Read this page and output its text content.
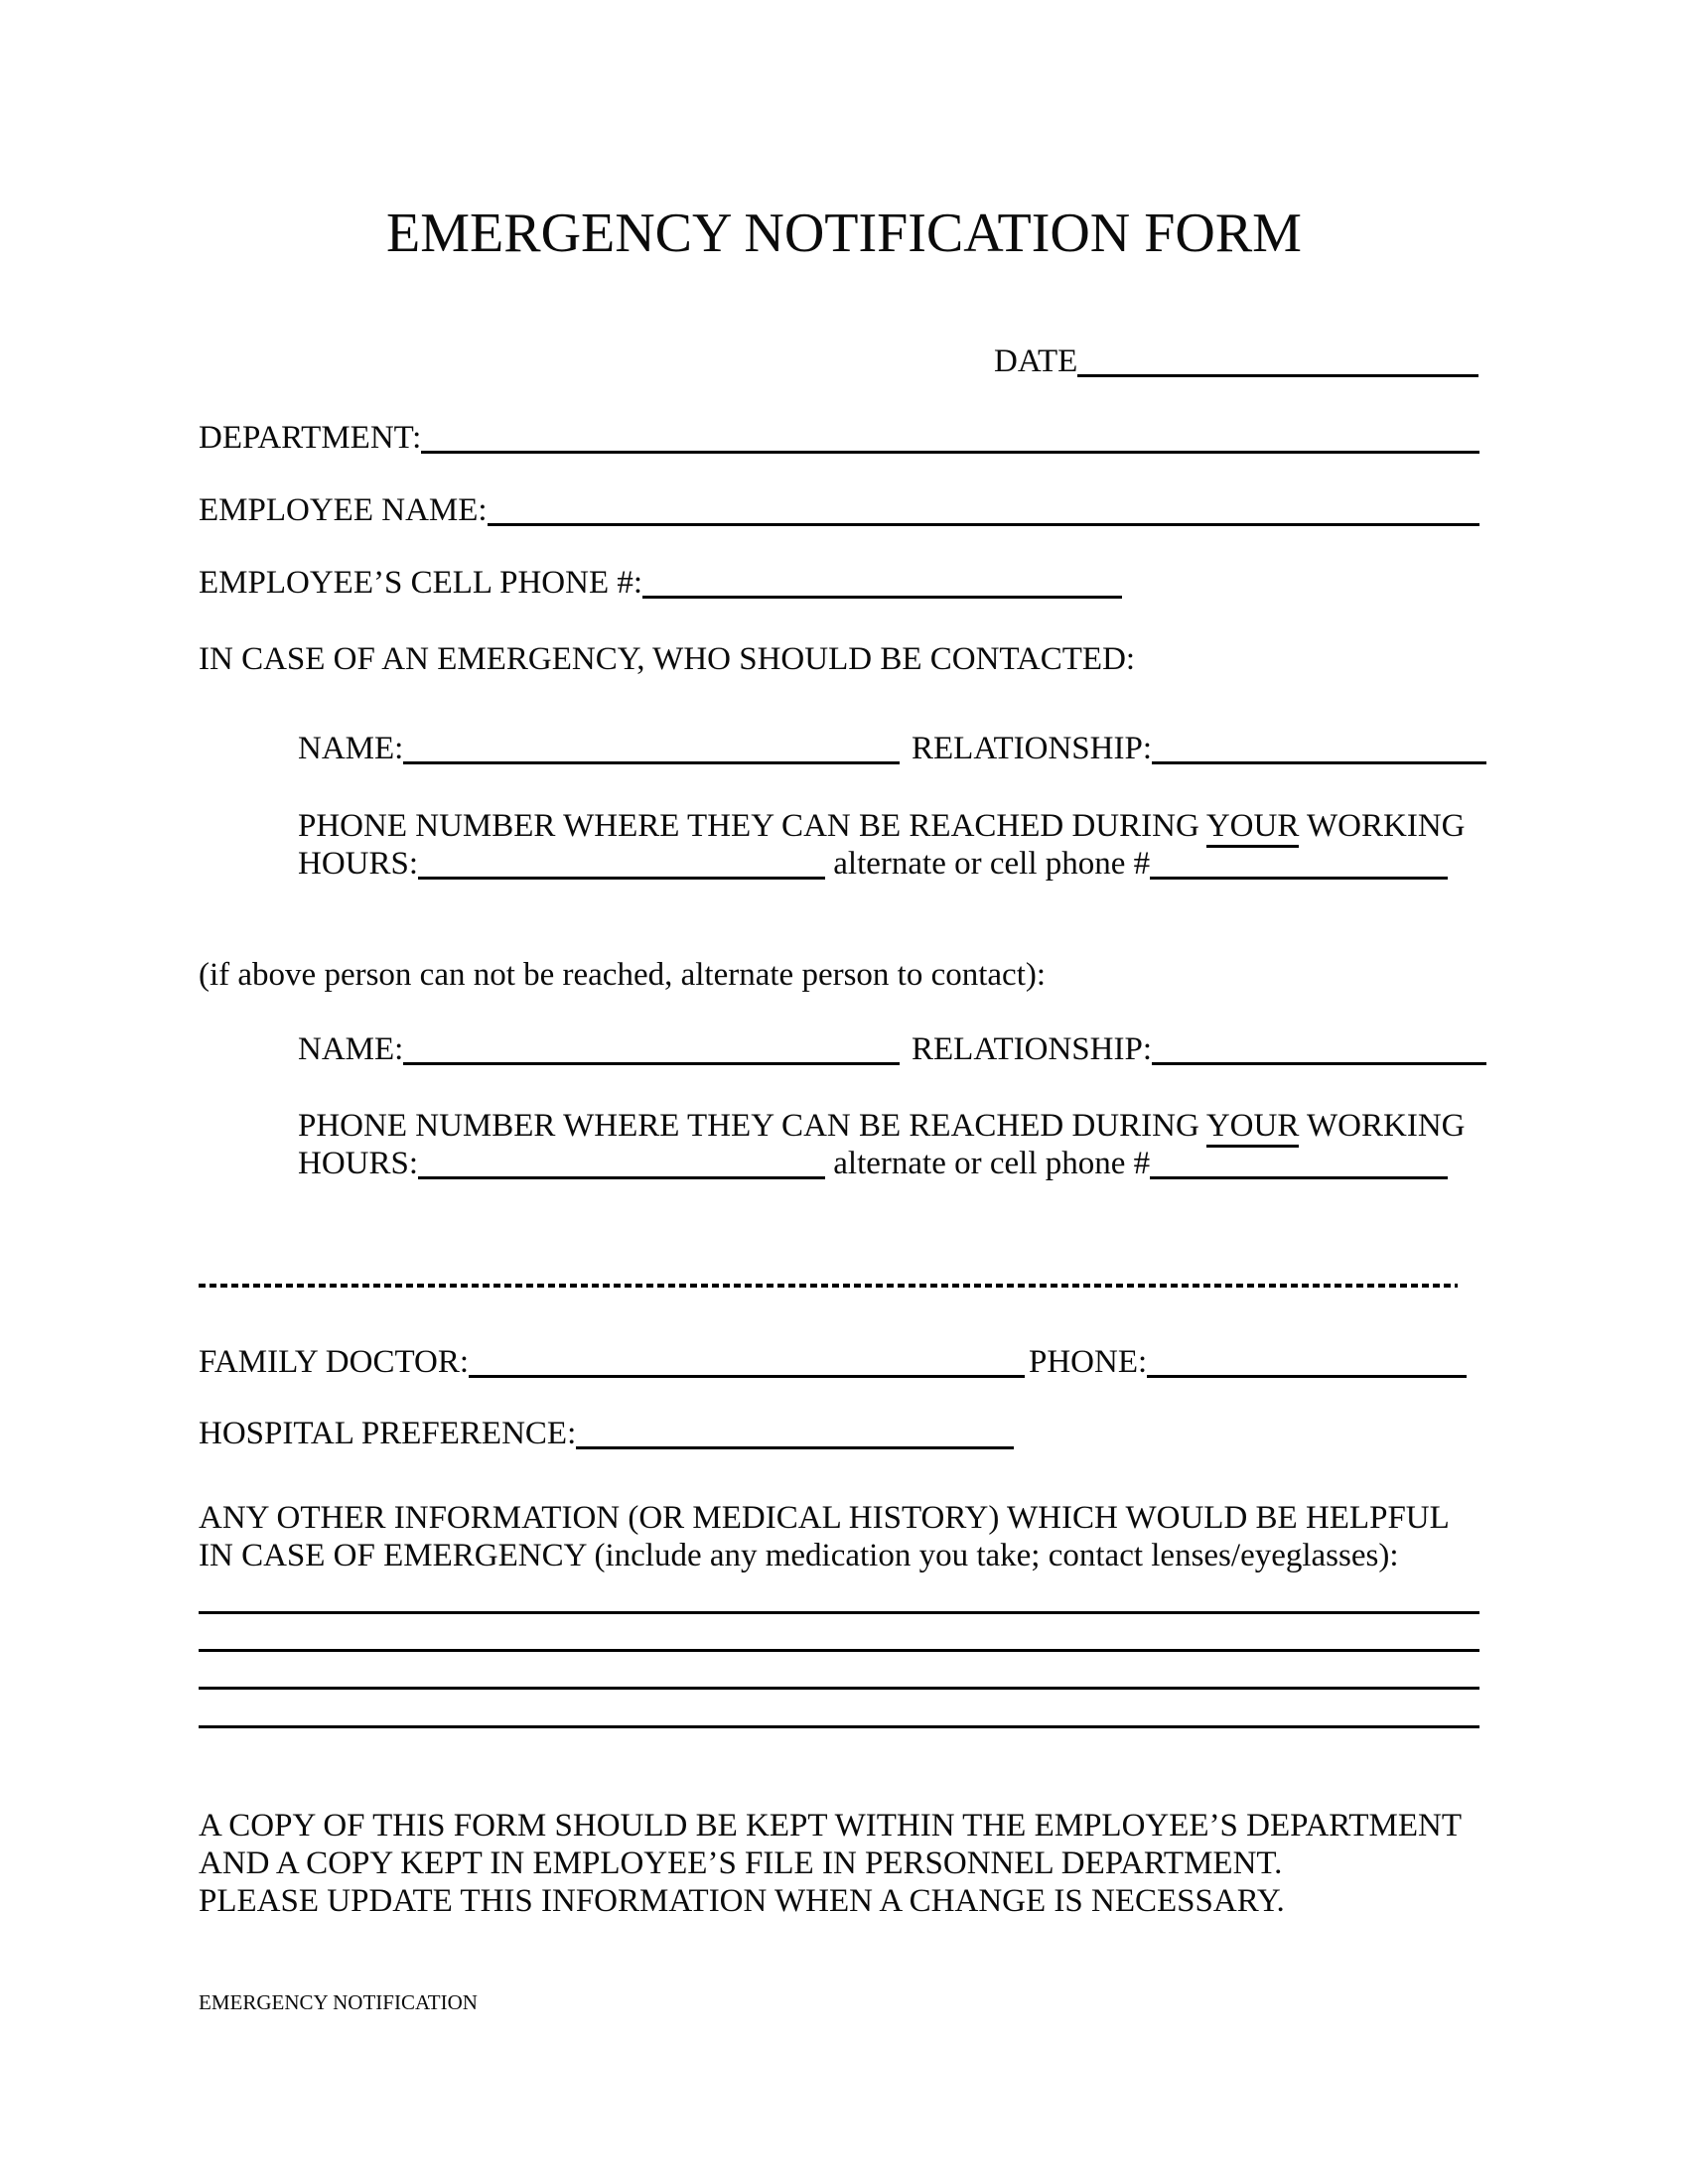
EMERGENCY NOTIFICATION FORM
DATE
DEPARTMENT:
EMPLOYEE NAME:
EMPLOYEE’S CELL PHONE #:
IN CASE OF AN EMERGENCY, WHO SHOULD BE CONTACTED:
NAME:	RELATIONSHIP:
PHONE NUMBER WHERE THEY CAN BE REACHED DURING YOUR WORKING
HOURS:	alternate or cell phone #
(if above person can not be reached, alternate person to contact):
NAME:	RELATIONSHIP:
PHONE NUMBER WHERE THEY CAN BE REACHED DURING YOUR WORKING
HOURS:	alternate or cell phone #
FAMILY DOCTOR:	PHONE:
HOSPITAL PREFERENCE:
ANY OTHER INFORMATION (OR MEDICAL HISTORY) WHICH WOULD BE HELPFUL
IN CASE OF EMERGENCY (include any medication you take; contact lenses/eyeglasses):
A COPY OF THIS FORM SHOULD BE KEPT WITHIN THE EMPLOYEE’S DEPARTMENT
AND A COPY KEPT IN EMPLOYEE’S FILE IN PERSONNEL DEPARTMENT.
PLEASE UPDATE THIS INFORMATION WHEN A CHANGE IS NECESSARY.
EMERGENCY NOTIFICATION
